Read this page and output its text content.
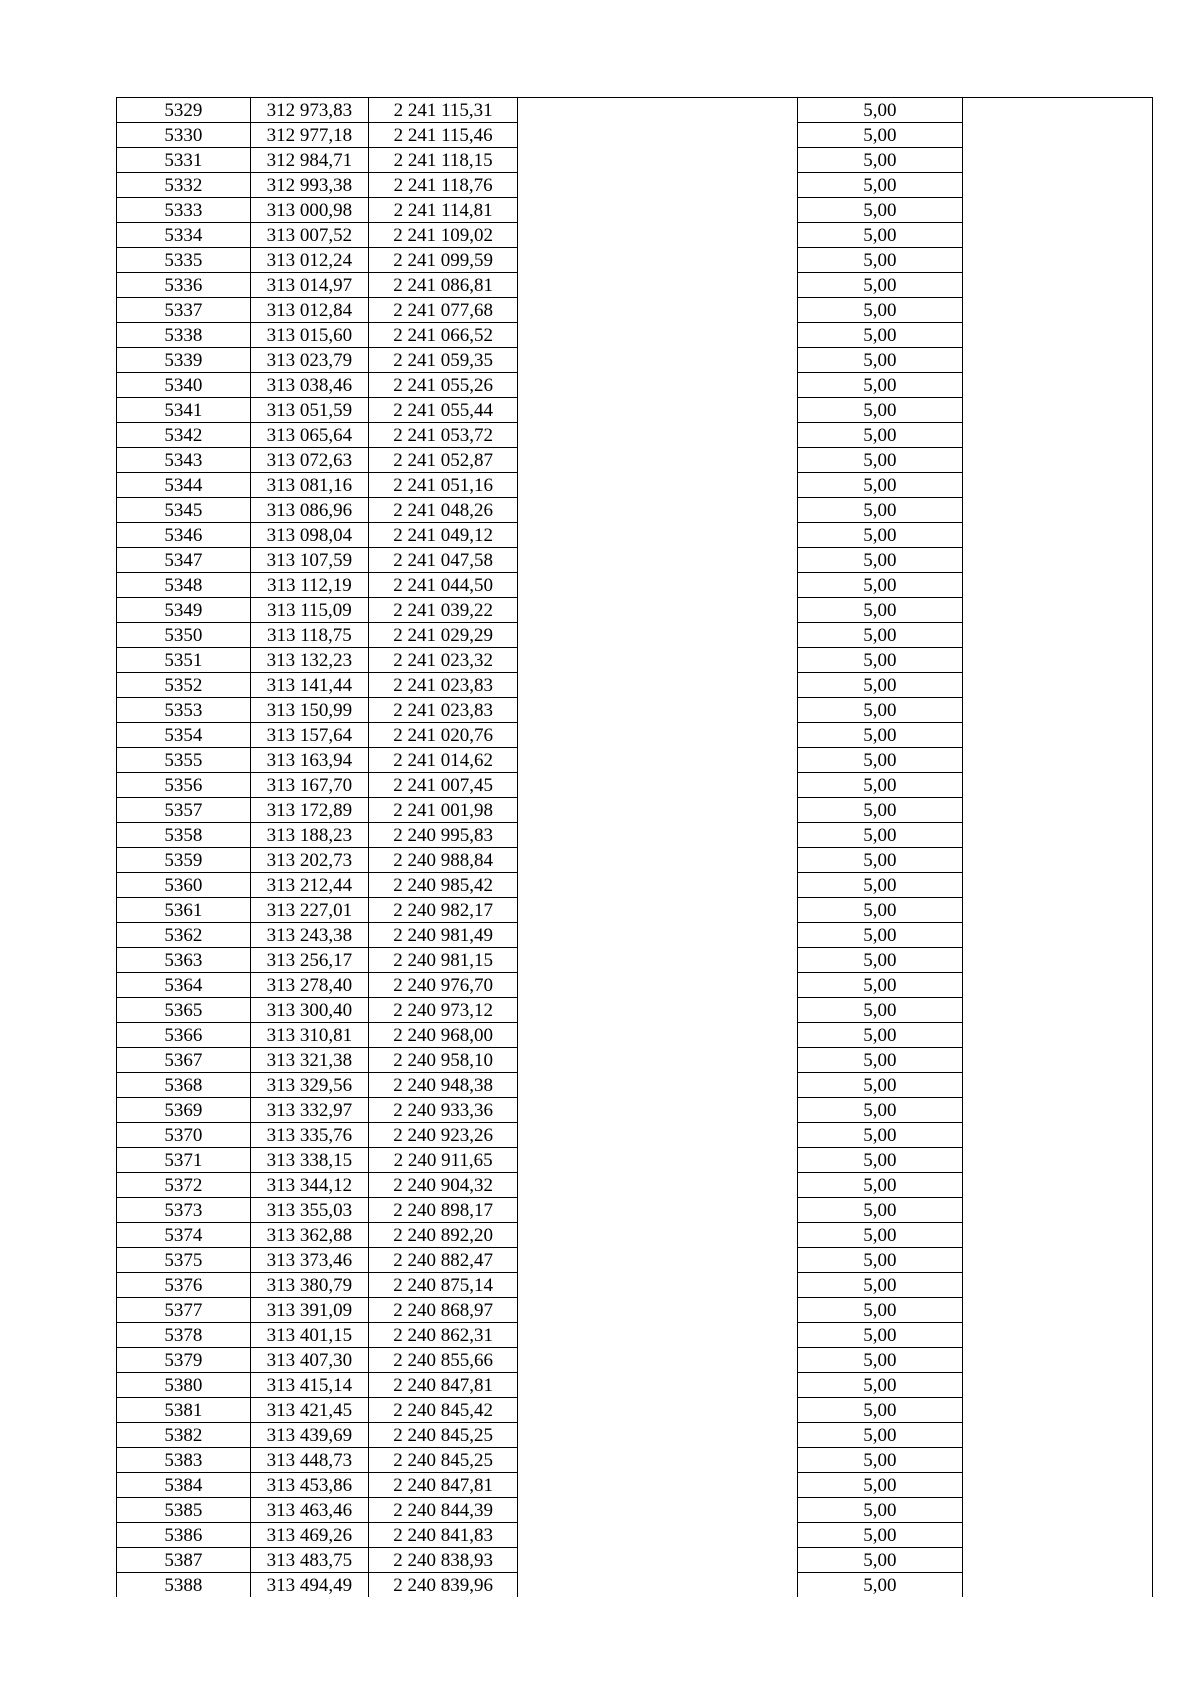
5329	312 973,83	2 241 115,31		5,00	
5330	312 977,18	2 241 115,46		5,00	
5331	312 984,71	2 241 118,15		5,00	
5332	312 993,38	2 241 118,76		5,00	
5333	313 000,98	2 241 114,81		5,00	
5334	313 007,52	2 241 109,02		5,00	
5335	313 012,24	2 241 099,59		5,00	
5336	313 014,97	2 241 086,81		5,00	
5337	313 012,84	2 241 077,68		5,00	
5338	313 015,60	2 241 066,52		5,00	
5339	313 023,79	2 241 059,35		5,00	
5340	313 038,46	2 241 055,26		5,00	
5341	313 051,59	2 241 055,44		5,00	
5342	313 065,64	2 241 053,72		5,00	
5343	313 072,63	2 241 052,87		5,00	
5344	313 081,16	2 241 051,16		5,00	
5345	313 086,96	2 241 048,26		5,00	
5346	313 098,04	2 241 049,12		5,00	
5347	313 107,59	2 241 047,58		5,00	
5348	313 112,19	2 241 044,50		5,00	
5349	313 115,09	2 241 039,22		5,00	
5350	313 118,75	2 241 029,29		5,00	
5351	313 132,23	2 241 023,32		5,00	
5352	313 141,44	2 241 023,83		5,00	
5353	313 150,99	2 241 023,83		5,00	
5354	313 157,64	2 241 020,76		5,00	
5355	313 163,94	2 241 014,62		5,00	
5356	313 167,70	2 241 007,45		5,00	
5357	313 172,89	2 241 001,98		5,00	
5358	313 188,23	2 240 995,83		5,00	
5359	313 202,73	2 240 988,84		5,00	
5360	313 212,44	2 240 985,42		5,00	
5361	313 227,01	2 240 982,17		5,00	
5362	313 243,38	2 240 981,49		5,00	
5363	313 256,17	2 240 981,15		5,00	
5364	313 278,40	2 240 976,70		5,00	
5365	313 300,40	2 240 973,12		5,00	
5366	313 310,81	2 240 968,00		5,00	
5367	313 321,38	2 240 958,10		5,00	
5368	313 329,56	2 240 948,38		5,00	
5369	313 332,97	2 240 933,36		5,00	
5370	313 335,76	2 240 923,26		5,00	
5371	313 338,15	2 240 911,65		5,00	
5372	313 344,12	2 240 904,32		5,00	
5373	313 355,03	2 240 898,17		5,00	
5374	313 362,88	2 240 892,20		5,00	
5375	313 373,46	2 240 882,47		5,00	
5376	313 380,79	2 240 875,14		5,00	
5377	313 391,09	2 240 868,97		5,00	
5378	313 401,15	2 240 862,31		5,00	
5379	313 407,30	2 240 855,66		5,00	
5380	313 415,14	2 240 847,81		5,00	
5381	313 421,45	2 240 845,42		5,00	
5382	313 439,69	2 240 845,25		5,00	
5383	313 448,73	2 240 845,25		5,00	
5384	313 453,86	2 240 847,81		5,00	
5385	313 463,46	2 240 844,39		5,00	
5386	313 469,26	2 240 841,83		5,00	
5387	313 483,75	2 240 838,93		5,00	
5388	313 494,49	2 240 839,96		5,00	
